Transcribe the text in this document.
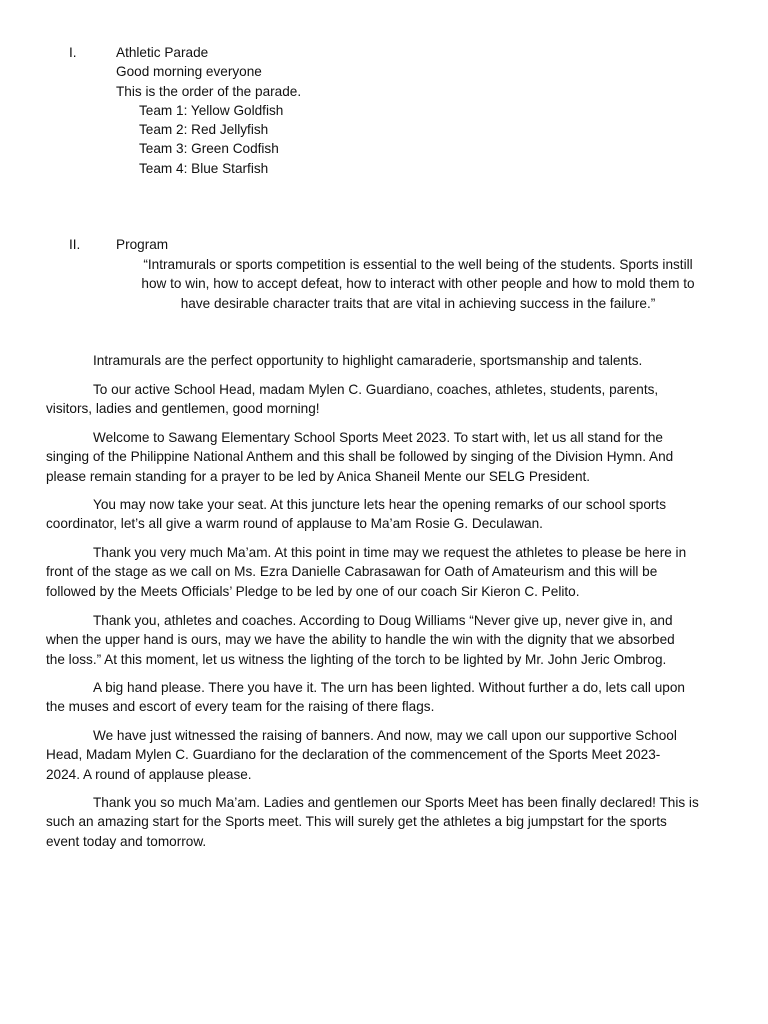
I.	Athletic Parade
Good morning everyone
This is the order of the parade.
Team 1: Yellow Goldfish
Team 2: Red Jellyfish
Team 3: Green Codfish
Team 4: Blue Starfish
II.	Program
“Intramurals or sports competition is essential to the well being of the students. Sports instill
how to win, how to accept defeat, how to interact with other people and how to mold them to
have desirable character traits that are vital in achieving success in the failure.”
Intramurals are the perfect opportunity to highlight camaraderie, sportsmanship and talents.
To our active School Head, madam Mylen C. Guardiano, coaches, athletes, students, parents,
visitors, ladies and gentlemen, good morning!
Welcome to Sawang Elementary School Sports Meet 2023. To start with, let us all stand for the
singing of the Philippine National Anthem and this shall be followed by singing of the Division Hymn. And
please remain standing for a prayer to be led by Anica Shaneil Mente our SELG President.
You may now take your seat. At this juncture lets hear the opening remarks of our school sports
coordinator, let’s all give a warm round of applause to Ma’am Rosie G. Deculawan.
Thank you very much Ma’am. At this point in time may we request the athletes to please be here in
front of the stage as we call on Ms. Ezra Danielle Cabrasawan for Oath of Amateurism and this will be
followed by the Meets Officials’ Pledge to be led by one of our coach Sir Kieron C. Pelito.
Thank you, athletes and coaches. According to Doug Williams “Never give up, never give in, and
when the upper hand is ours, may we have the ability to handle the win with the dignity that we absorbed
the loss.” At this moment, let us witness the lighting of the torch to be lighted by Mr. John Jeric Ombrog.
A big hand please. There you have it. The urn has been lighted. Without further a do, lets call upon
the muses and escort of every team for the raising of there flags.
We have just witnessed the raising of banners. And now, may we call upon our supportive School
Head, Madam Mylen C. Guardiano for the declaration of the commencement of the Sports Meet 2023-
2024. A round of applause please.
Thank you so much Ma’am. Ladies and gentlemen our Sports Meet has been finally declared! This is
such an amazing start for the Sports meet. This will surely get the athletes a big jumpstart for the sports
event today and tomorrow.
